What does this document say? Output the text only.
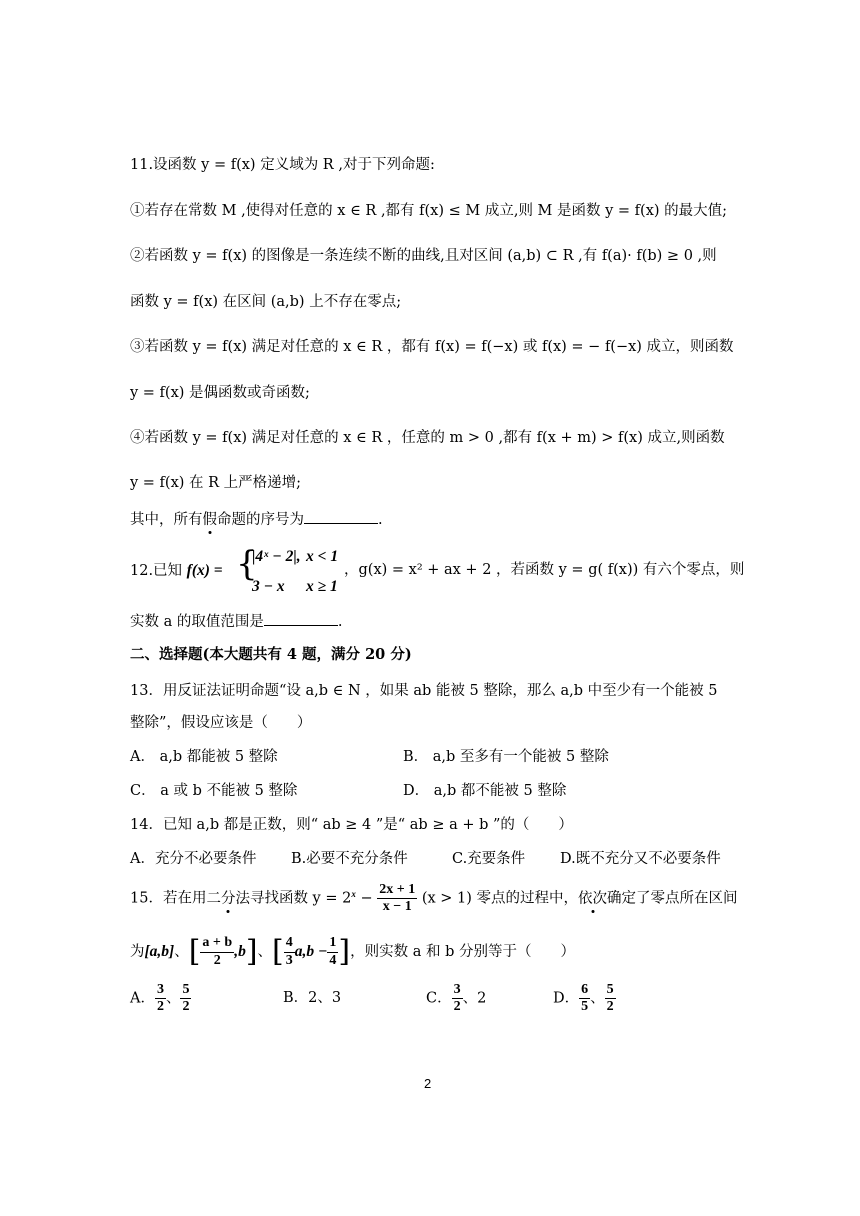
11.设函数 y = f(x) 定义域为 R ,对于下列命题:
①若存在常数 M ,使得对任意的 x ∈ R ,都有 f(x) ≤ M 成立,则 M 是函数 y = f(x) 的最大值;
②若函数 y = f(x) 的图像是一条连续不断的曲线,且对区间 (a,b) ⊂ R ,有 f(a)· f(b) ≥ 0 ,则
函数 y = f(x) 在区间 (a,b) 上不存在零点;
③若函数 y = f(x) 满足对任意的 x ∈ R ，都有 f(x) = f(−x) 或 f(x) = − f(−x) 成立，则函数
y = f(x) 是偶函数或奇函数;
④若函数 y = f(x) 满足对任意的 x ∈ R ，任意的 m > 0 ,都有 f(x + m) > f(x) 成立,则函数
y = f(x) 在 R 上严格递增;
其中，所有假命题的序号为	.
12.已知 f(x) = {
|4ˣ − 2|, x < 1
3 − x x ≥ 1
，g(x) = x² + ax + 2 ，若函数 y = g( f(x)) 有六个零点，则
实数 a 的取值范围是	.
二、选择题(本大题共有 4 题，满分 20 分)
13．用反证法证明命题“设 a,b ∈ N ，如果 ab 能被 5 整除，那么 a,b 中至少有一个能被 5
整除”，假设应该是（　　）
A． a,b 都能被 5 整除	B． a,b 至多有一个能被 5 整除
C． a 或 b 不能被 5 整除	D． a,b 都不能被 5 整除
14．已知 a,b 都是正数，则“ ab ≥ 4 ”是“ ab ≥ a + b ”的（　　）
A．充分不必要条件 B.必要不充分条件	C.充要条件 D.既不充分又不必要条件
15．若在用二分法寻找函数 $y = 2^x - \frac{2x + 1}{x - 1} (x > 1)$ 零点的过程中，依次确定了零点所在区间
为[a,b]、[ $\frac{a + b}{2} ,b$]、[ $\frac{4}{3} a,b - \frac{1}{4}$ ]，则实数 a 和 b 分别等于（　　）
A． $\frac{3}{2}$ 、 $\frac{5}{2}$	B．2、3	C． $\frac{3}{2}$ 、2	D． $\frac{6}{5}$ 、 $\frac{5}{2}$
2
